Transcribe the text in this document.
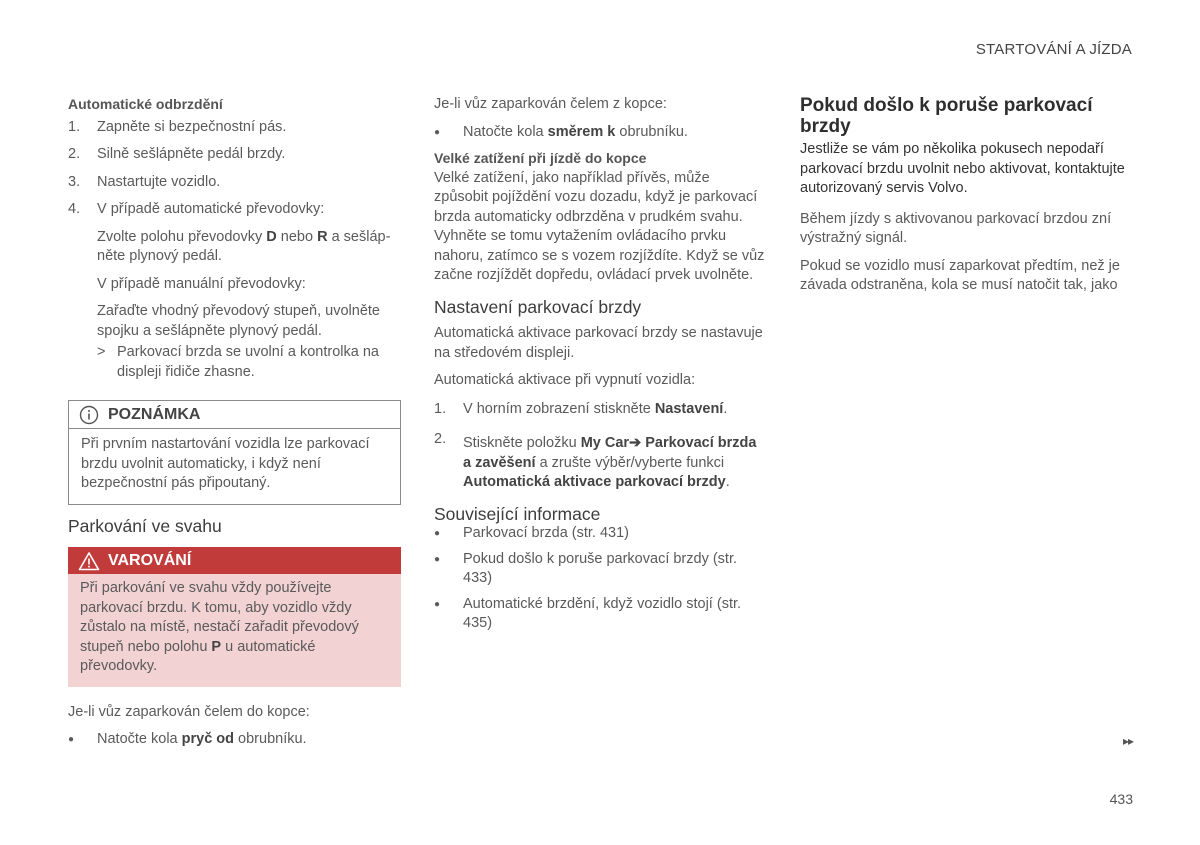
STARTOVÁNÍ A JÍZDA

Automatické odbrzdění

1.	Zapněte si bezpečnostní pás.
2.	Silně sešlápněte pedál brzdy.
3.	Nastartujte vozidlo.
4.	V případě automatické převodovky:

Zvolte polohu převodovky D nebo R a sešláp-něte plynový pedál.

V případě manuální převodovky:

Zařaďte vhodný převodový stupeň, uvolněte spojku a sešlápněte plynový pedál.

> Parkovací brzda se uvolní a kontrolka na displeji řidiče zhasne.
POZNÁMKA
Při prvním nastartování vozidla lze parkovací brzdu uvolnit automaticky, i když není bezpečnostní pás připoutaný.

Parkování ve svahu

VAROVÁNÍ
Při parkování ve svahu vždy používejte parkovací brzdu. K tomu, aby vozidlo vždy zůstalo na místě, nestačí zařadit převodový stupeň nebo polohu P u automatické převodovky.

Je-li vůz zaparkován čelem do kopce:

●	Natočte kola pryč od obrubníku.

Je-li vůz zaparkován čelem z kopce:

●	Natočte kola směrem k obrubníku.

Velké zatížení při jízdě do kopce

Velké zatížení, jako například přívěs, může způsobit pojíždění vozu dozadu, když je parkovací brzda automaticky odbrzděna v prudkém svahu. Vyhněte se tomu vytažením ovládacího prvku nahoru, zatímco se s vozem rozjíždíte. Když se vůz začne rozjíždět dopředu, ovládací prvek uvolněte.

Nastavení parkovací brzdy

Automatická aktivace parkovací brzdy se nastavuje na středovém displeji.

Automatická aktivace při vypnutí vozidla:

1.	V horním zobrazení stiskněte Nastavení.
2.	Stiskněte položku My Car➔ Parkovací brzda a zavěšení a zrušte výběr/vyberte funkci Automatická aktivace parkovací brzdy.

Související informace

●	Parkovací brzda (str. 431)
●	Pokud došlo k poruše parkovací brzdy (str. 433)
●	Automatické brzdění, když vozidlo stojí (str. 435)

Pokud došlo k poruše parkovací brzdy

Jestliže se vám po několika pokusech nepodaří parkovací brzdu uvolnit nebo aktivovat, kontaktujte autorizovaný servis Volvo.

Během jízdy s aktivovanou parkovací brzdou zní výstražný signál.

Pokud se vozidlo musí zaparkovat předtím, než je závada odstraněna, kola se musí natočit tak, jako

▸▸
433
